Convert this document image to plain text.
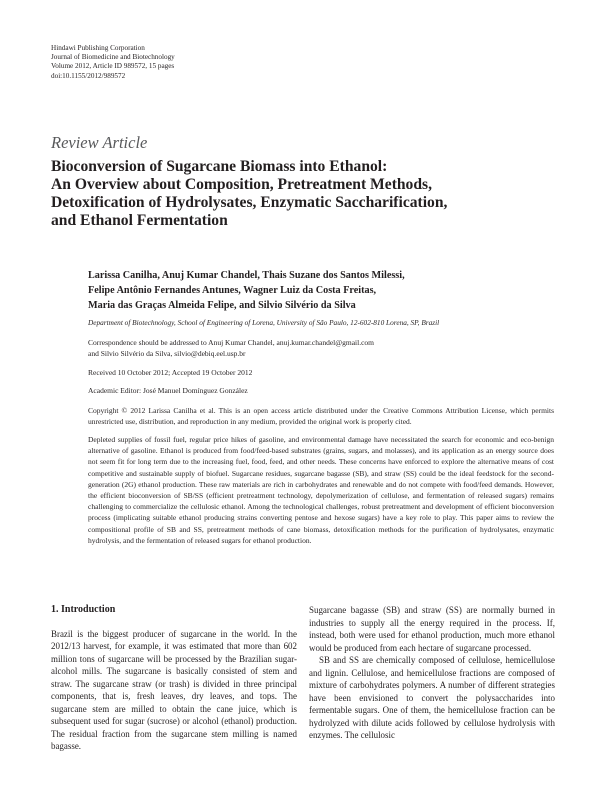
Hindawi Publishing Corporation
Journal of Biomedicine and Biotechnology
Volume 2012, Article ID 989572, 15 pages
doi:10.1155/2012/989572
Review Article
Bioconversion of Sugarcane Biomass into Ethanol:
An Overview about Composition, Pretreatment Methods,
Detoxification of Hydrolysates, Enzymatic Saccharification,
and Ethanol Fermentation
Larissa Canilha, Anuj Kumar Chandel, Thais Suzane dos Santos Milessi,
Felipe Antônio Fernandes Antunes, Wagner Luiz da Costa Freitas,
Maria das Graças Almeida Felipe, and Silvio Silvério da Silva
Department of Biotechnology, School of Engineering of Lorena, University of São Paulo, 12-602-810 Lorena, SP, Brazil
Correspondence should be addressed to Anuj Kumar Chandel, anuj.kumar.chandel@gmail.com
and Silvio Silvério da Silva, silvio@debiq.eel.usp.br
Received 10 October 2012; Accepted 19 October 2012
Academic Editor: José Manuel Domínguez González
Copyright © 2012 Larissa Canilha et al. This is an open access article distributed under the Creative Commons Attribution License, which permits unrestricted use, distribution, and reproduction in any medium, provided the original work is properly cited.
Depleted supplies of fossil fuel, regular price hikes of gasoline, and environmental damage have necessitated the search for economic and eco-benign alternative of gasoline. Ethanol is produced from food/feed-based substrates (grains, sugars, and molasses), and its application as an energy source does not seem fit for long term due to the increasing fuel, food, feed, and other needs. These concerns have enforced to explore the alternative means of cost competitive and sustainable supply of biofuel. Sugarcane residues, sugarcane bagasse (SB), and straw (SS) could be the ideal feedstock for the second-generation (2G) ethanol production. These raw materials are rich in carbohydrates and renewable and do not compete with food/feed demands. However, the efficient bioconversion of SB/SS (efficient pretreatment technology, depolymerization of cellulose, and fermentation of released sugars) remains challenging to commercialize the cellulosic ethanol. Among the technological challenges, robust pretreatment and development of efficient bioconversion process (implicating suitable ethanol producing strains converting pentose and hexose sugars) have a key role to play. This paper aims to review the compositional profile of SB and SS, pretreatment methods of cane biomass, detoxification methods for the purification of hydrolysates, enzymatic hydrolysis, and the fermentation of released sugars for ethanol production.
1. Introduction

Brazil is the biggest producer of sugarcane in the world. In the 2012/13 harvest, for example, it was estimated that more than 602 million tons of sugarcane will be processed by the Brazilian sugar-alcohol mills. The sugarcane is basically consisted of stem and straw. The sugarcane straw (or trash) is divided in three principal components, that is, fresh leaves, dry leaves, and tops. The sugarcane stem are milled to obtain the cane juice, which is subsequent used for sugar (sucrose) or alcohol (ethanol) production. The residual fraction from the sugarcane stem milling is named bagasse.

Sugarcane bagasse (SB) and straw (SS) are normally burned in industries to supply all the energy required in the process. If, instead, both were used for ethanol production, much more ethanol would be produced from each hectare of sugarcane processed.

SB and SS are chemically composed of cellulose, hemicellulose and lignin. Cellulose, and hemicellulose fractions are composed of mixture of carbohydrates polymers. A number of different strategies have been envisioned to convert the polysaccharides into fermentable sugars. One of them, the hemicellulose fraction can be hydrolyzed with dilute acids followed by cellulose hydrolysis with enzymes. The cellulosic
